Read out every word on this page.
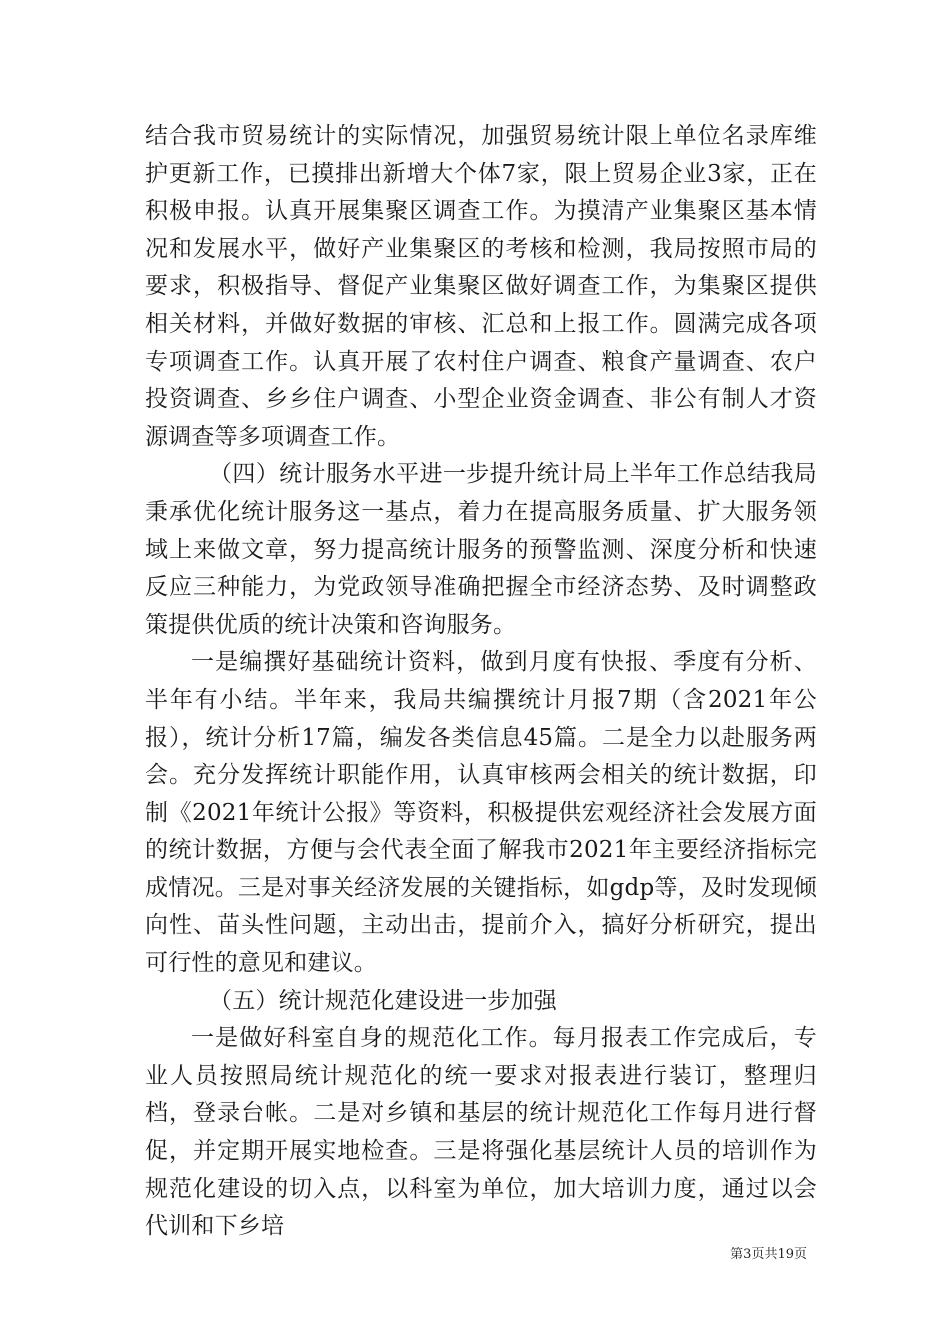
结合我市贸易统计的实际情况，加强贸易统计限上单位名录库维护更新工作，已摸排出新增大个体7家，限上贸易企业3家，正在积极申报。认真开展集聚区调查工作。为摸清产业集聚区基本情况和发展水平，做好产业集聚区的考核和检测，我局按照市局的要求，积极指导、督促产业集聚区做好调查工作，为集聚区提供相关材料，并做好数据的审核、汇总和上报工作。圆满完成各项专项调查工作。认真开展了农村住户调查、粮食产量调查、农户投资调查、乡乡住户调查、小型企业资金调查、非公有制人才资源调查等多项调查工作。

（四）统计服务水平进一步提升统计局上半年工作总结我局秉承优化统计服务这一基点，着力在提高服务质量、扩大服务领域上来做文章，努力提高统计服务的预警监测、深度分析和快速反应三种能力，为党政领导准确把握全市经济态势、及时调整政策提供优质的统计决策和咨询服务。

一是编撰好基础统计资料，做到月度有快报、季度有分析、半年有小结。半年来，我局共编撰统计月报7期（含2021年公报），统计分析17篇，编发各类信息45篇。二是全力以赴服务两会。充分发挥统计职能作用，认真审核两会相关的统计数据，印制《2021年统计公报》等资料，积极提供宏观经济社会发展方面的统计数据，方便与会代表全面了解我市2021年主要经济指标完成情况。三是对事关经济发展的关键指标，如gdp等，及时发现倾向性、苗头性问题，主动出击，提前介入，搞好分析研究，提出可行性的意见和建议。

（五）统计规范化建设进一步加强

一是做好科室自身的规范化工作。每月报表工作完成后，专业人员按照局统计规范化的统一要求对报表进行装订，整理归档，登录台帐。二是对乡镇和基层的统计规范化工作每月进行督促，并定期开展实地检查。三是将强化基层统计人员的培训作为规范化建设的切入点，以科室为单位，加大培训力度，通过以会代训和下乡培

第3页共19页
